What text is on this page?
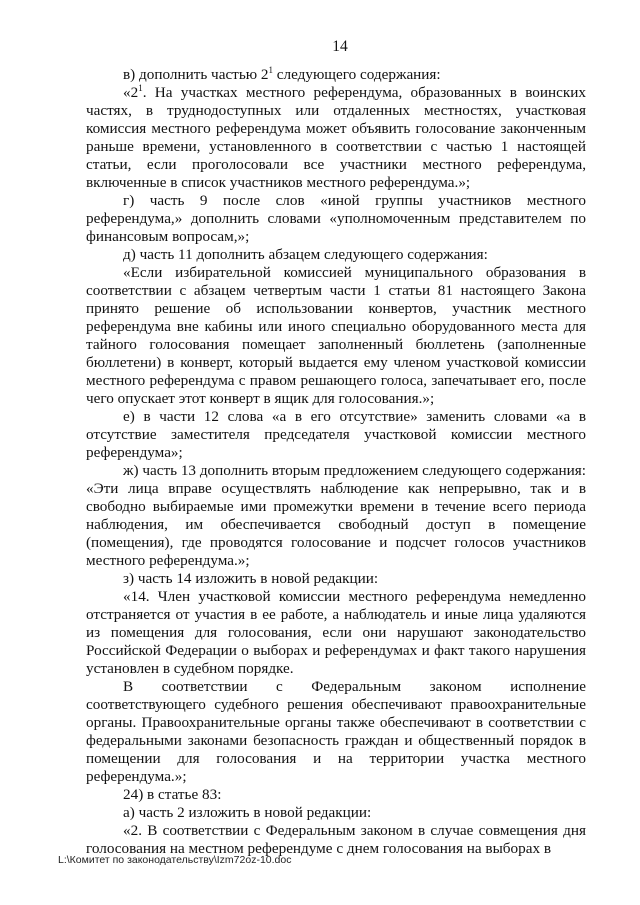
14

в) дополнить частью $2^1$ следующего содержания:

«$2^1$. На участках местного референдума, образованных в воинских частях, в труднодоступных или отдаленных местностях, участковая комиссия местного референдума может объявить голосование законченным раньше времени, установленного в соответствии с частью 1 настоящей статьи, если проголосовали все участники местного референдума, включенные в список участников местного референдума.»;

г) часть 9 после слов «иной группы участников местного референдума,» дополнить словами «уполномоченным представителем по финансовым вопросам,»;

д) часть 11 дополнить абзацем следующего содержания:

«Если избирательной комиссией муниципального образования в соответствии с абзацем четвертым части 1 статьи 81 настоящего Закона принято решение об использовании конвертов, участник местного референдума вне кабины или иного специально оборудованного места для тайного голосования помещает заполненный бюллетень (заполненные бюллетени) в конверт, который выдается ему членом участковой комиссии местного референдума с правом решающего голоса, запечатывает его, после чего опускает этот конверт в ящик для голосования.»;

е) в части 12 слова «а в его отсутствие» заменить словами «а в отсутствие заместителя председателя участковой комиссии местного референдума»;

ж) часть 13 дополнить вторым предложением следующего содержания: «Эти лица вправе осуществлять наблюдение как непрерывно, так и в свободно выбираемые ими промежутки времени в течение всего периода наблюдения, им обеспечивается свободный доступ в помещение (помещения), где проводятся голосование и подсчет голосов участников местного референдума.»;

з) часть 14 изложить в новой редакции:

«14. Член участковой комиссии местного референдума немедленно отстраняется от участия в ее работе, а наблюдатель и иные лица удаляются из помещения для голосования, если они нарушают законодательство Российской Федерации о выборах и референдумах и факт такого нарушения установлен в судебном порядке.

В соответствии с Федеральным законом исполнение соответствующего судебного решения обеспечивают правоохранительные органы. Правоохранительные органы также обеспечивают в соответствии с федеральными законами безопасность граждан и общественный порядок в помещении для голосования и на территории участка местного референдума.»;

24) в статье 83:

а) часть 2 изложить в новой редакции:

«2. В соответствии с Федеральным законом в случае совмещения дня голосования на местном референдуме с днем голосования на выборах в

L:\Комитет по законодательству\Izm72oz-10.doc
